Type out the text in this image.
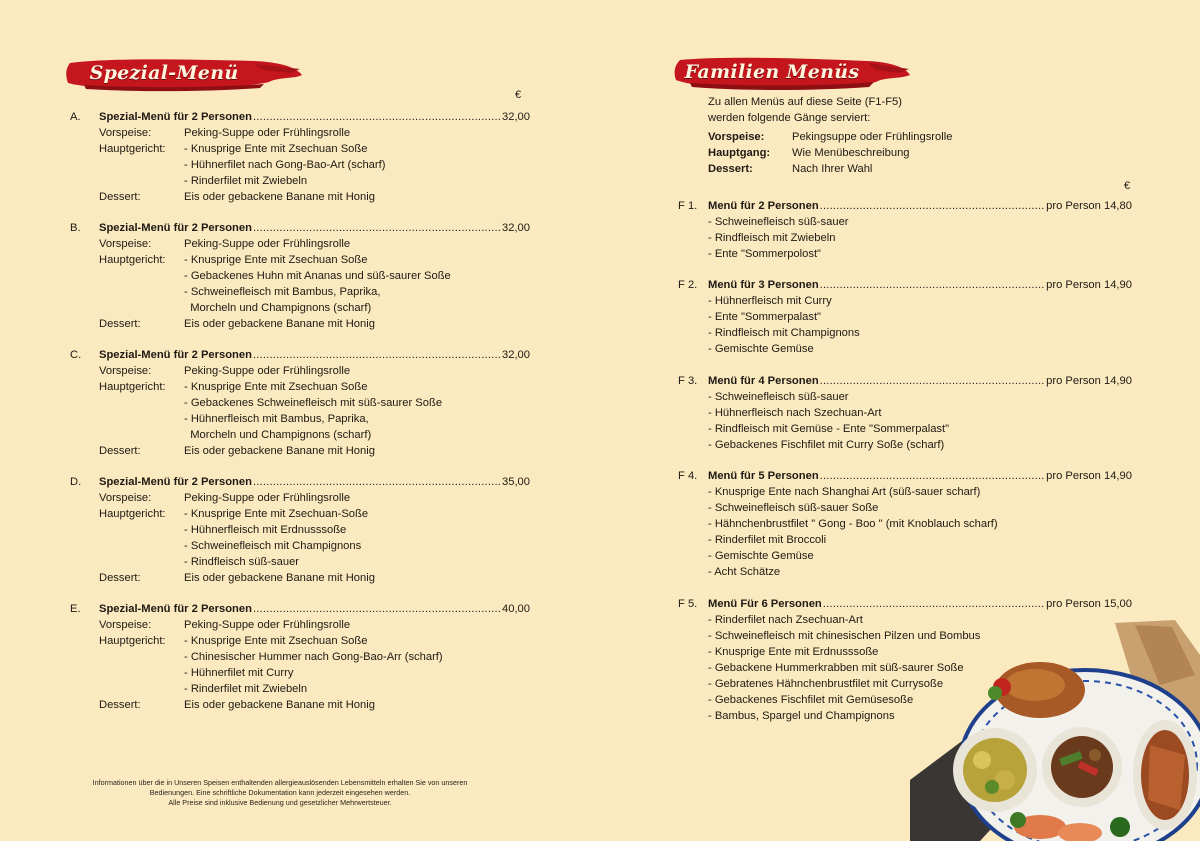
Spezial-Menü
€
A.	Spezial-Menü für 2 Personen .....	32,00
Vorspeise:	Peking-Suppe oder Frühlingsrolle
Hauptgericht:	- Knusprige Ente mit Zsechuan Soße
- Hühnerfilet nach Gong-Bao-Art (scharf)
- Rinderfilet mit Zwiebeln
Dessert:	Eis oder gebackene Banane mit Honig
B.	Spezial-Menü für 2 Personen .....	32,00
Vorspeise:	Peking-Suppe oder Frühlingsrolle
Hauptgericht:	- Knusprige Ente mit Zsechuan Soße
- Gebackenes Huhn mit Ananas und süß-saurer Soße
- Schweinefleisch mit Bambus, Paprika,
Morcheln und Champignons (scharf)
Dessert:	Eis oder gebackene Banane mit Honig
C.	Spezial-Menü für 2 Personen .....	32,00
Vorspeise:	Peking-Suppe oder Frühlingsrolle
Hauptgericht:	- Knusprige Ente mit Zsechuan Soße
- Gebackenes Schweinefleisch mit süß-saurer Soße
- Hühnerfleisch mit Bambus, Paprika,
Morcheln und Champignons (scharf)
Dessert:	Eis oder gebackene Banane mit Honig
D.	Spezial-Menü für 2 Personen .....	35,00
Vorspeise:	Peking-Suppe oder Frühlingsrolle
Hauptgericht:	- Knusprige Ente mit Zsechuan-Soße
- Hühnerfleisch mit Erdnusssoße
- Schweinefleisch mit Champignons
- Rindfleisch süß-sauer
Dessert:	Eis oder gebackene Banane mit Honig
E.	Spezial-Menü für 2 Personen .....	40,00
Vorspeise:	Peking-Suppe oder Frühlingsrolle
Hauptgericht:	- Knusprige Ente mit Zsechuan Soße
- Chinesischer Hummer nach Gong-Bao-Arr (scharf)
- Hühnerfilet mit Curry
- Rinderfilet mit Zwiebeln
Dessert:	Eis oder gebackene Banane mit Honig
Informationen über die in Unseren Speisen enthaltenden allergieauslösenden Lebensmitteln erhalten Sie von unseren
Bedienungen. Eine schriftliche Dokumentation kann jederzeit eingesehen werden.
Alle Preise sind inklusive Bedienung und gesetzlicher Mehrwertsteuer.
Familien Menüs
Zu allen Menüs auf diese Seite (F1-F5)
werden folgende Gänge serviert:
Vorspeise:	Pekingsuppe oder Frühlingsrolle
Hauptgang:	Wie Menübeschreibung
Dessert:	Nach Ihrer Wahl
€
F 1. Menü für 2 Personen .....	pro Person 14,80
- Schweinefleisch süß-sauer
- Rindfleisch mit Zwiebeln
- Ente "Sommerpolost"
F 2. Menü für 3 Personen .....	pro Person 14,90
- Hühnerfleisch mit Curry
- Ente "Sommerpalast"
- Rindfleisch mit Champignons
- Gemischte Gemüse
F 3. Menü für 4 Personen .....	pro Person 14,90
- Schweinefleisch süß-sauer
- Hühnerfleisch nach Szechuan-Art
- Rindfleisch mit Gemüse - Ente "Sommerpalast"
- Gebackenes Fischfilet mit Curry Soße (scharf)
F 4. Menü für 5 Personen .....	pro Person 14,90
- Knusprige Ente nach Shanghai Art (süß-sauer scharf)
- Schweinefleisch süß-sauer Soße
- Hähnchenbrustfilet " Gong - Boo " (mit Knoblauch scharf)
- Rinderfilet mit Broccoli
- Gemischte Gemüse
- Acht Schätze
F 5. Menü Für 6 Personen .....	pro Person 15,00
- Rinderfilet nach Zsechuan-Art
- Schweinefleisch mit chinesischen Pilzen und Bombus
- Knusprige Ente mit Erdnusssoße
- Gebackene Hummerkrabben mit süß-saurer Soße
- Gebratenes Hähnchenbrustfilet mit Currysoße
- Gebackenes Fischfilet mit Gemüsesoße
- Bambus, Spargel und Champignons
